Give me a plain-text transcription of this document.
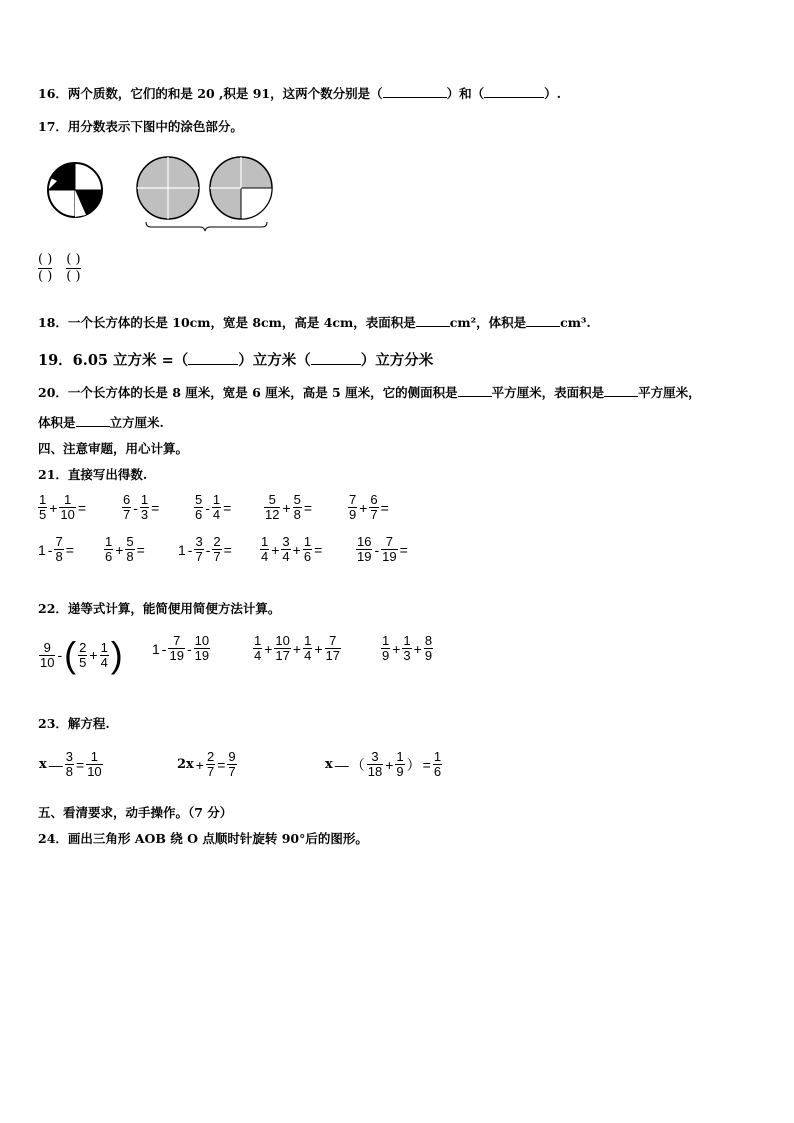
16．两个质数，它们的和是 20 ,积是 91，这两个数分别是（	）和（	）.
17．用分数表示下图中的涂色部分。
$\frac{( )}{( )} \frac{( )}{( )}$
18．一个长方体的长是 10cm，宽是 8cm，高是 4cm，表面积是	cm²，体积是	cm³.
19．6.05 立方米 =（	）立方米（	）立方分米
20．一个长方体的长是 8 厘米，宽是 6 厘米，高是 5 厘米，它的侧面积是	平方厘米，表面积是	平方厘米，
体积是	立方厘米.
四、注意审题，用心计算。
21．直接写出得数.
$\frac{1}{5} + \frac{1}{10}$ =	$\frac{6}{7} - \frac{1}{3}$ =	$\frac{5}{6} - \frac{1}{4}$ =	$\frac{5}{12} + \frac{5}{8}$ =	$\frac{7}{9} + \frac{6}{7}$ =
$1 - \frac{7}{8} = \frac{1}{6} + \frac{5}{8} = 1 - \frac{3}{7} - \frac{2}{7} = \frac{1}{4} + \frac{3}{4} + \frac{1}{6}$ =	$\frac{16}{19} - \frac{7}{19}$ =
22．递等式计算，能简便用简便方法计算。
$\frac{9}{10}$ - ( $\frac{2}{5} + \frac{1}{4}$ ) $1 - \frac{7}{19} - \frac{10}{19}$	$\frac{1}{4} + \frac{10}{17} + \frac{1}{4} + \frac{7}{17}$	$\frac{1}{9} + \frac{1}{3} + \frac{8}{9}$
23．解方程.
x — $\frac{3}{8} = \frac{1}{10}$	$2x + \frac{2}{7} = \frac{9}{7}$	x — （ $\frac{3}{18} + \frac{1}{9}$ ） = $\frac{1}{6}$
五、看清要求，动手操作。（7 分）
24．画出三角形 AOB 绕 O 点顺时针旋转 90°后的图形。
